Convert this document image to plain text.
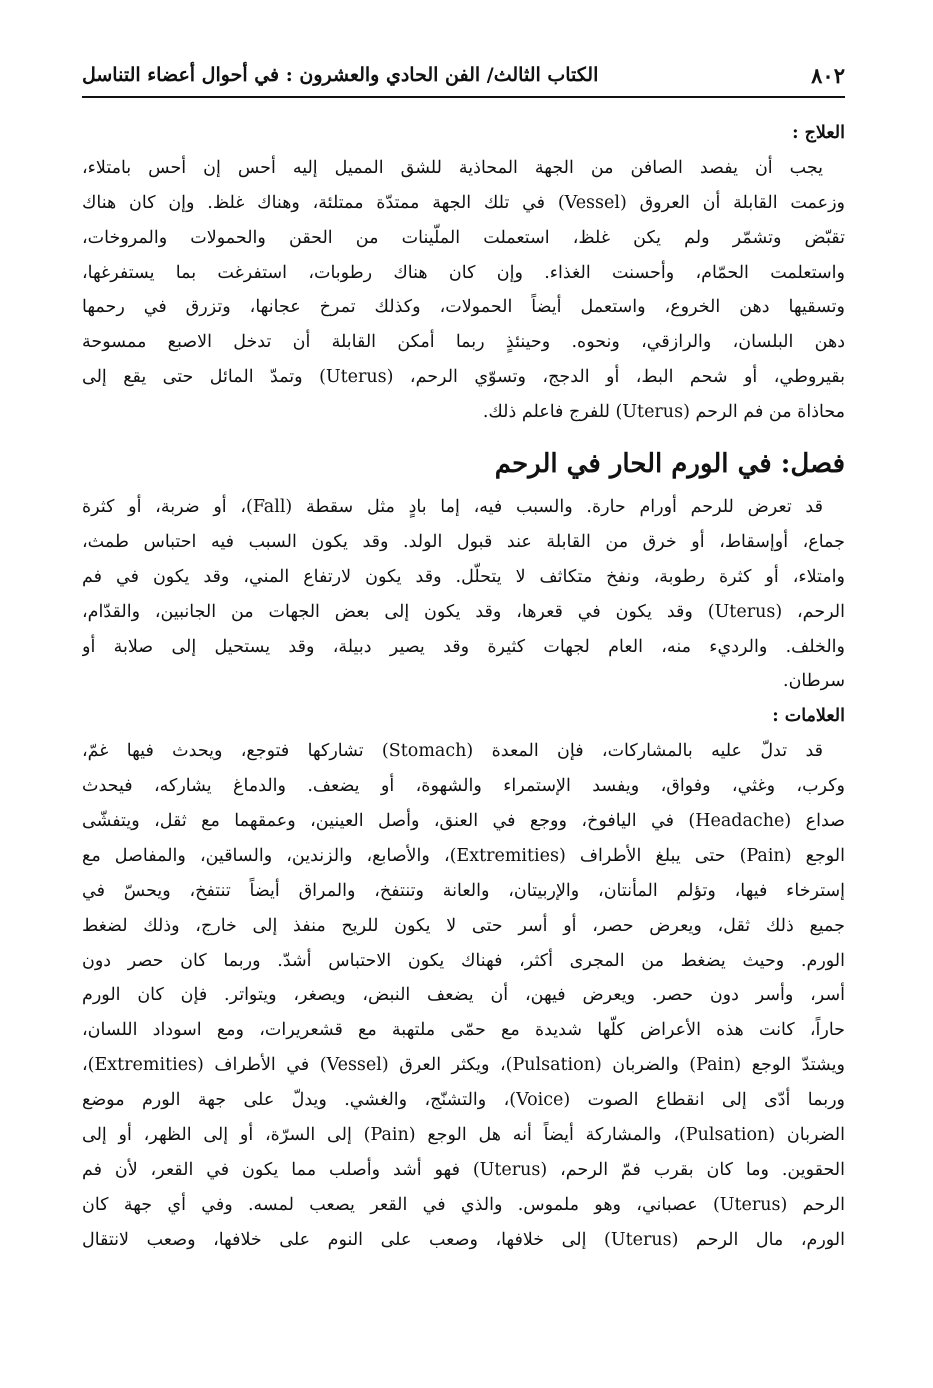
٨٠٢
الكتاب الثالث/ الفن الحادي والعشرون : في أحوال أعضاء التناسل
العلاج :
يجب أن يفصد الصافن من الجهة المحاذية للشق المميل إليه أحس إن أحس بامتلاء،
وزعمت القابلة أن العروق (Vessel) في تلك الجهة ممتدّة ممتلئة، وهناك غلظ. وإن كان هناك
تقبّض وتشمّر ولم يكن غلظ، استعملت الملّينات من الحقن والحمولات والمروخات،
واستعلمت الحمّام، وأحسنت الغذاء. وإن كان هناك رطوبات، استفرغت بما يستفرغها،
وتسقيها دهن الخروع، واستعمل أيضاً الحمولات، وكذلك تمرخ عجانها، وتزرق في رحمها
دهن البلسان، والرازقي، ونحوه. وحينئذٍ ربما أمكن القابلة أن تدخل الاصبع ممسوحة
بقيروطي، أو شحم البط، أو الدجج، وتسوّي الرحم، (Uterus) وتمدّ المائل حتى يقع إلى
محاذاة من فم الرحم (Uterus) للفرج فاعلم ذلك.
فصل: في الورم الحار في الرحم
قد تعرض للرحم أورام حارة. والسبب فيه، إما بادٍ مثل سقطة (Fall)، أو ضربة، أو كثرة
جماع، أوإسقاط، أو خرق من القابلة عند قبول الولد. وقد يكون السبب فيه احتباس طمث،
وامتلاء، أو كثرة رطوبة، ونفخ متكاثف لا يتحلّل. وقد يكون لارتفاع المني، وقد يكون في فم
الرحم، (Uterus) وقد يكون في قعرها، وقد يكون إلى بعض الجهات من الجانبين، والقدّام،
والخلف. والرديء منه، العام لجهات كثيرة وقد يصير دبيلة، وقد يستحيل إلى صلابة أو
سرطان.
العلامات :
قد تدلّ عليه بالمشاركات، فإن المعدة (Stomach) تشاركها فتوجع، ويحدث فيها غمّ،
وكرب، وغثي، وفواق، ويفسد الإستمراء والشهوة، أو يضعف. والدماغ يشاركه، فيحدث
صداع (Headache) في اليافوخ، ووجع في العنق، وأصل العينين، وعمقهما مع ثقل، ويتفشّى
الوجع (Pain) حتى يبلغ الأطراف (Extremities)، والأصابع، والزندين، والساقين، والمفاصل مع
إسترخاء فيها، وتؤلم المأنتان، والإربيتان، والعانة وتنتفخ، والمراق أيضاً تنتفخ، ويحسّ في
جميع ذلك ثقل، ويعرض حصر، أو أسر حتى لا يكون للريح منفذ إلى خارج، وذلك لضغط
الورم. وحيث يضغط من المجرى أكثر، فهناك يكون الاحتباس أشدّ. وربما كان حصر دون
أسر، وأسر دون حصر. ويعرض فيهن، أن يضعف النبض، ويصغر، ويتواتر. فإن كان الورم
حاراً، كانت هذه الأعراض كلّها شديدة مع حمّى ملتهبة مع قشعريرات، ومع اسوداد اللسان،
ويشتدّ الوجع (Pain) والضربان (Pulsation)، ويكثر العرق (Vessel) في الأطراف (Extremities)،
وربما أدّى إلى انقطاع الصوت (Voice)، والتشنّج، والغشي. ويدلّ على جهة الورم موضع
الضربان (Pulsation)، والمشاركة أيضاً أنه هل الوجع (Pain) إلى السرّة، أو إلى الظهر، أو إلى
الحقوين. وما كان بقرب فمّ الرحم، (Uterus) فهو أشد وأصلب مما يكون في القعر، لأن فم
الرحم (Uterus) عصباني، وهو ملموس. والذي في القعر يصعب لمسه. وفي أي جهة كان
الورم، مال الرحم (Uterus) إلى خلافها، وصعب على النوم على خلافها، وصعب لانتقال
